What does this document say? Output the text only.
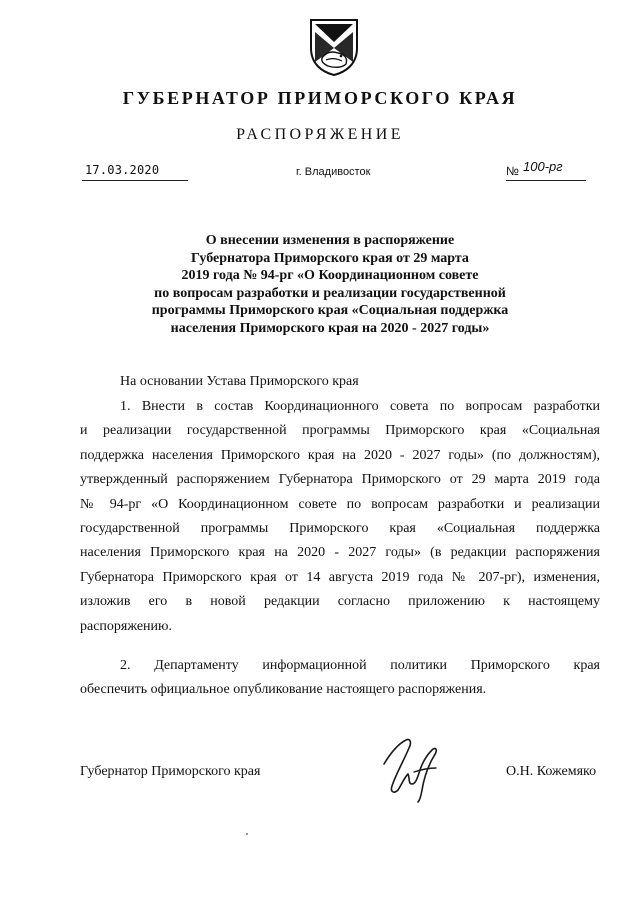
ГУБЕРНАТОР ПРИМОРСКОГО КРАЯ
РАСПОРЯЖЕНИЕ
17.03.2020	г. Владивосток	№ 100-рг
О внесении изменения в распоряжение
Губернатора Приморского края от 29 марта
2019 года № 94-рг «О Координационном совете
по вопросам разработки и реализации государственной
программы Приморского края «Социальная поддержка
населения Приморского края на 2020 - 2027 годы»
На основании Устава Приморского края
1. Внести в состав Координационного совета по вопросам разработки
и реализации государственной программы Приморского края «Социальная
поддержка населения Приморского края на 2020 - 2027 годы» (по должностям),
утвержденный распоряжением Губернатора Приморского от 29 марта 2019 года
№ 94-рг «О Координационном совете по вопросам разработки и реализации
государственной программы Приморского края «Социальная поддержка
населения Приморского края на 2020 - 2027 годы» (в редакции распоряжения
Губернатора Приморского края от 14 августа 2019 года № 207-рг), изменения,
изложив его в новой редакции согласно приложению к настоящему
распоряжению.
2. Департаменту информационной политики Приморского края
обеспечить официальное опубликование настоящего распоряжения.
Губернатор Приморского края	О.Н. Кожемяко
